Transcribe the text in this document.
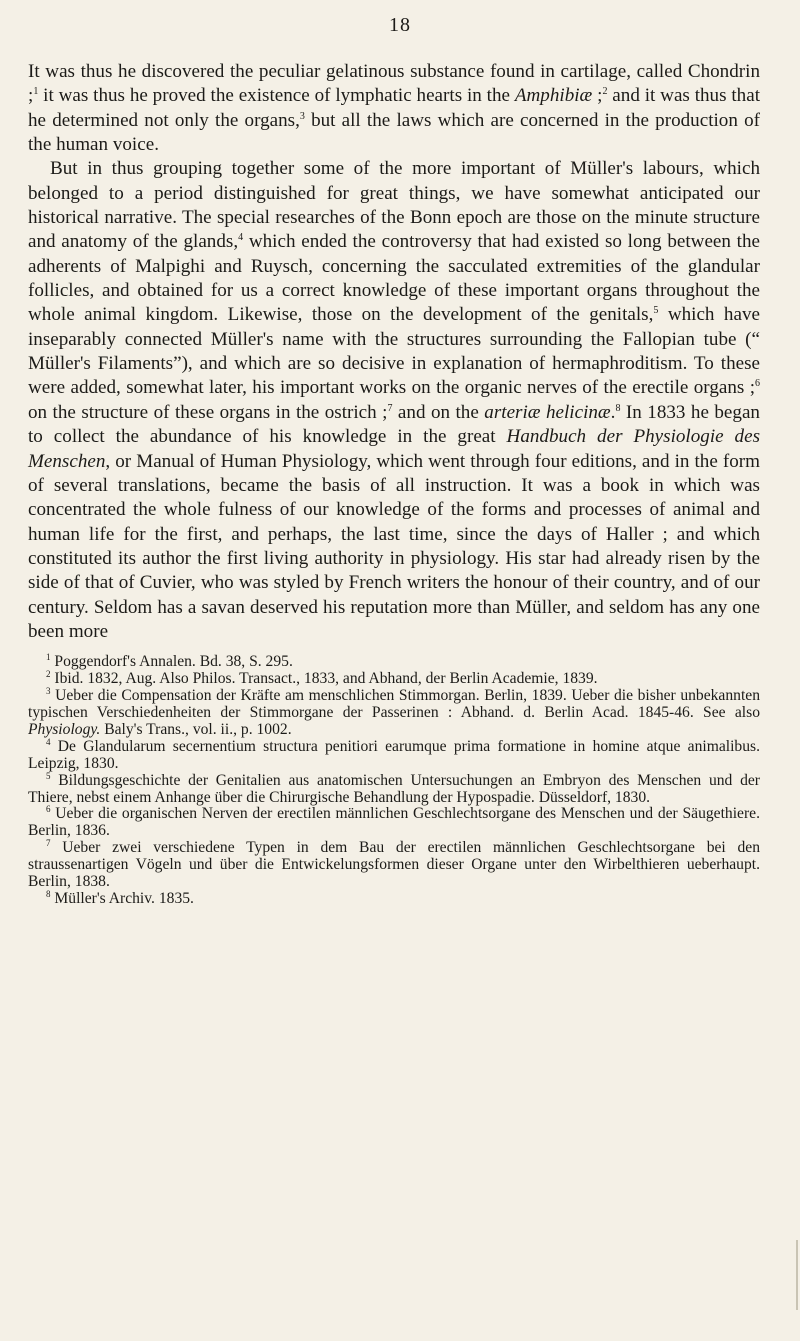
18

It was thus he discovered the peculiar gelatinous substance found in cartilage, called Chondrin ;$^1$ it was thus he proved the existence of lymphatic hearts in the Amphibiæ ;$^2$ and it was thus that he determined not only the organs,$^3$ but all the laws which are concerned in the production of the human voice.

But in thus grouping together some of the more important of Müller's labours, which belonged to a period distinguished for great things, we have somewhat anticipated our historical narrative. The special researches of the Bonn epoch are those on the minute structure and anatomy of the glands,$^4$ which ended the controversy that had existed so long between the adherents of Malpighi and Ruysch, concerning the sacculated extremities of the glandular follicles, and obtained for us a correct knowledge of these important organs throughout the whole animal kingdom. Likewise, those on the development of the genitals,$^5$ which have inseparably connected Müller's name with the structures surrounding the Fallopian tube (“ Müller's Filaments”), and which are so decisive in explanation of hermaphroditism. To these were added, somewhat later, his important works on the organic nerves of the erectile organs ;$^6$ on the structure of these organs in the ostrich ;$^7$ and on the arteriæ helicinæ.$^8$ In 1833 he began to collect the abundance of his knowledge in the great Handbuch der Physiologie des Menschen, or Manual of Human Physiology, which went through four editions, and in the form of several translations, became the basis of all instruction. It was a book in which was concentrated the whole fulness of our knowledge of the forms and processes of animal and human life for the first, and perhaps, the last time, since the days of Haller ; and which constituted its author the first living authority in physiology. His star had already risen by the side of that of Cuvier, who was styled by French writers the honour of their country, and of our century. Seldom has a savan deserved his reputation more than Müller, and seldom has any one been more

$^1$ Poggendorf's Annalen. Bd. 38, S. 295.

$^2$ Ibid. 1832, Aug. Also Philos. Transact., 1833, and Abhand, der Berlin Academie, 1839.

$^3$ Ueber die Compensation der Kräfte am menschlichen Stimmorgan. Berlin, 1839. Ueber die bisher unbekannten typischen Verschiedenheiten der Stimmorgane der Passerinen : Abhand. d. Berlin Acad. 1845-46. See also Physiology. Baly's Trans., vol. ii., p. 1002.

$^4$ De Glandularum secernentium structura penitiori earumque prima formatione in homine atque animalibus. Leipzig, 1830.

$^5$ Bildungsgeschichte der Genitalien aus anatomischen Untersuchungen an Embryon des Menschen und der Thiere, nebst einem Anhange über die Chirurgische Behandlung der Hypospadie. Düsseldorf, 1830.

$^6$ Ueber die organischen Nerven der erectilen männlichen Geschlechtsorgane des Menschen und der Säugethiere. Berlin, 1836.

$^7$ Ueber zwei verschiedene Typen in dem Bau der erectilen männlichen Geschlechtsorgane bei den straussenartigen Vögeln und über die Entwickelungsformen dieser Organe unter den Wirbelthieren ueberhaupt. Berlin, 1838.

$^8$ Müller's Archiv. 1835.
